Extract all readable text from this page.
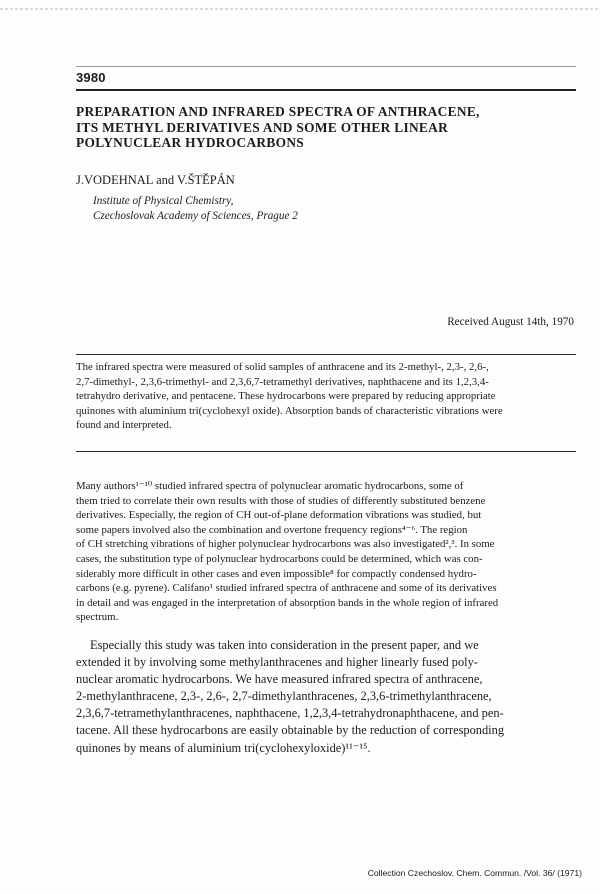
3980
PREPARATION AND INFRARED SPECTRA OF ANTHRACENE,
ITS METHYL DERIVATIVES AND SOME OTHER LINEAR
POLYNUCLEAR HYDROCARBONS
J.VODEHNAL and V.ŠTĚPÁN
Institute of Physical Chemistry,
Czechoslovak Academy of Sciences, Prague 2
Received August 14th, 1970
The infrared spectra were measured of solid samples of anthracene and its 2-methyl-, 2,3-, 2,6-,
2,7-dimethyl-, 2,3,6-trimethyl- and 2,3,6,7-tetramethyl derivatives, naphthacene and its 1,2,3,4-
tetrahydro derivative, and pentacene. These hydrocarbons were prepared by reducing appropriate
quinones with aluminium tri(cyclohexyl oxide). Absorption bands of characteristic vibrations were
found and interpreted.
Many authors¹⁻¹⁰ studied infrared spectra of polynuclear aromatic hydrocarbons, some of
them tried to correlate their own results with those of studies of differently substituted benzene
derivatives. Especially, the region of CH out-of-plane deformation vibrations was studied, but
some papers involved also the combination and overtone frequency regions⁴⁻⁶. The region
of CH stretching vibrations of higher polynuclear hydrocarbons was also investigated²,³. In some
cases, the substitution type of polynuclear hydrocarbons could be determined, which was con-
siderably more difficult in other cases and even impossible⁸ for compactly condensed hydro-
carbons (e.g. pyrene). Califano¹ studied infrared spectra of anthracene and some of its derivatives
in detail and was engaged in the interpretation of absorption bands in the whole region of infrared
spectrum.
Especially this study was taken into consideration in the present paper, and we
extended it by involving some methylanthracenes and higher linearly fused poly-
nuclear aromatic hydrocarbons. We have measured infrared spectra of anthracene,
2-methylanthracene, 2,3-, 2,6-, 2,7-dimethylanthracenes, 2,3,6-trimethylanthracene,
2,3,6,7-tetramethylanthracenes, naphthacene, 1,2,3,4-tetrahydronaphthacene, and pen-
tacene. All these hydrocarbons are easily obtainable by the reduction of corresponding
quinones by means of aluminium tri(cyclohexyloxide)¹¹⁻¹⁵.
Collection Czechoslov. Chem. Commun. /Vol. 36/ (1971)
